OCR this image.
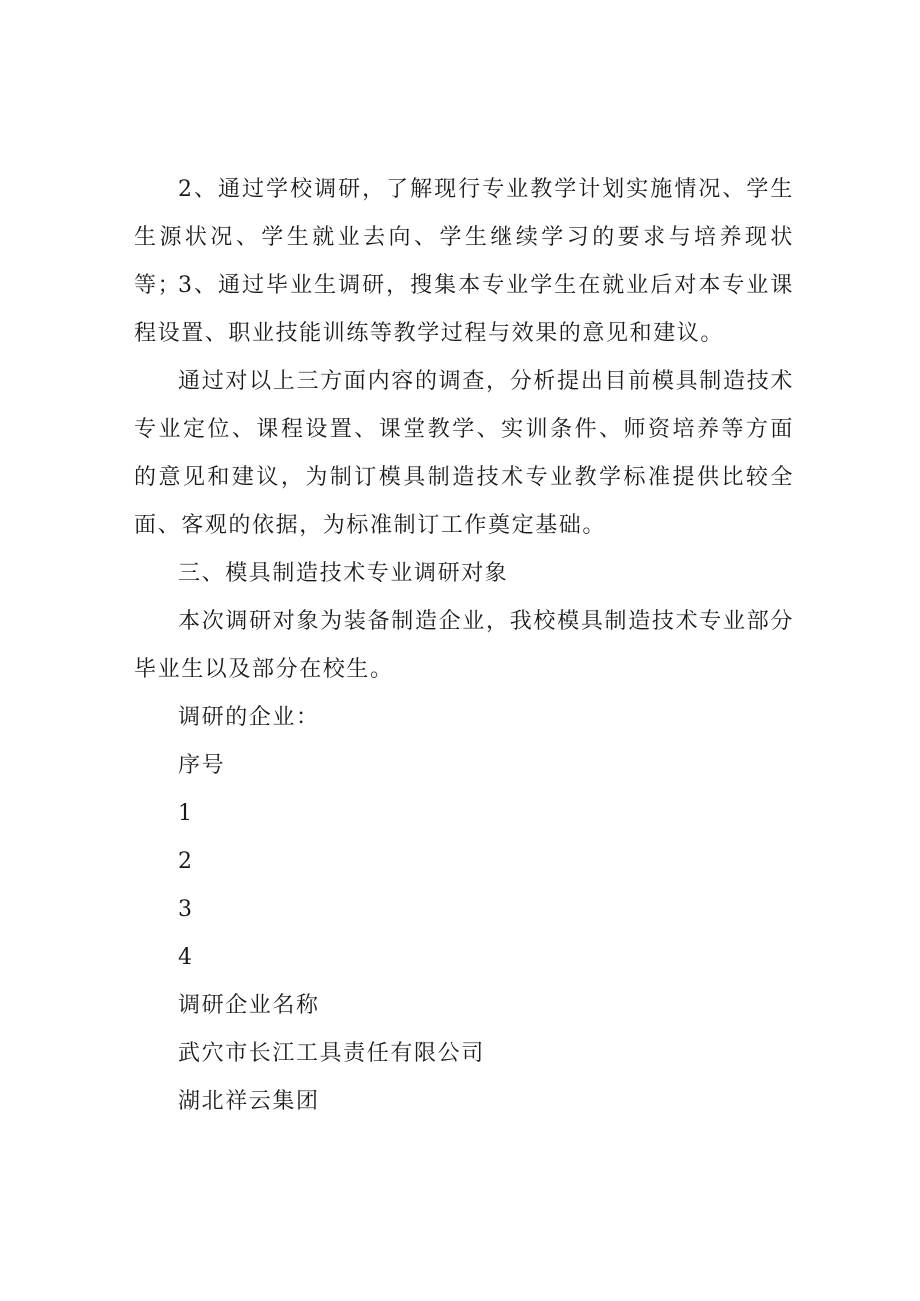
2、通过学校调研，了解现行专业教学计划实施情况、学生生源状况、学生就业去向、学生继续学习的要求与培养现状等；

3、通过毕业生调研，搜集本专业学生在就业后对本专业课程设置、职业技能训练等教学过程与效果的意见和建议。

通过对以上三方面内容的调查，分析提出目前模具制造技术专业定位、课程设置、课堂教学、实训条件、师资培养等方面的意见和建议，为制订模具制造技术专业教学标准提供比较全面、客观的依据，为标准制订工作奠定基础。

三、模具制造技术专业调研对象

本次调研对象为装备制造企业，我校模具制造技术专业部分毕业生以及部分在校生。

调研的企业：

序号

1

2

3

4

调研企业名称

武穴市长江工具责任有限公司

湖北祥云集团
